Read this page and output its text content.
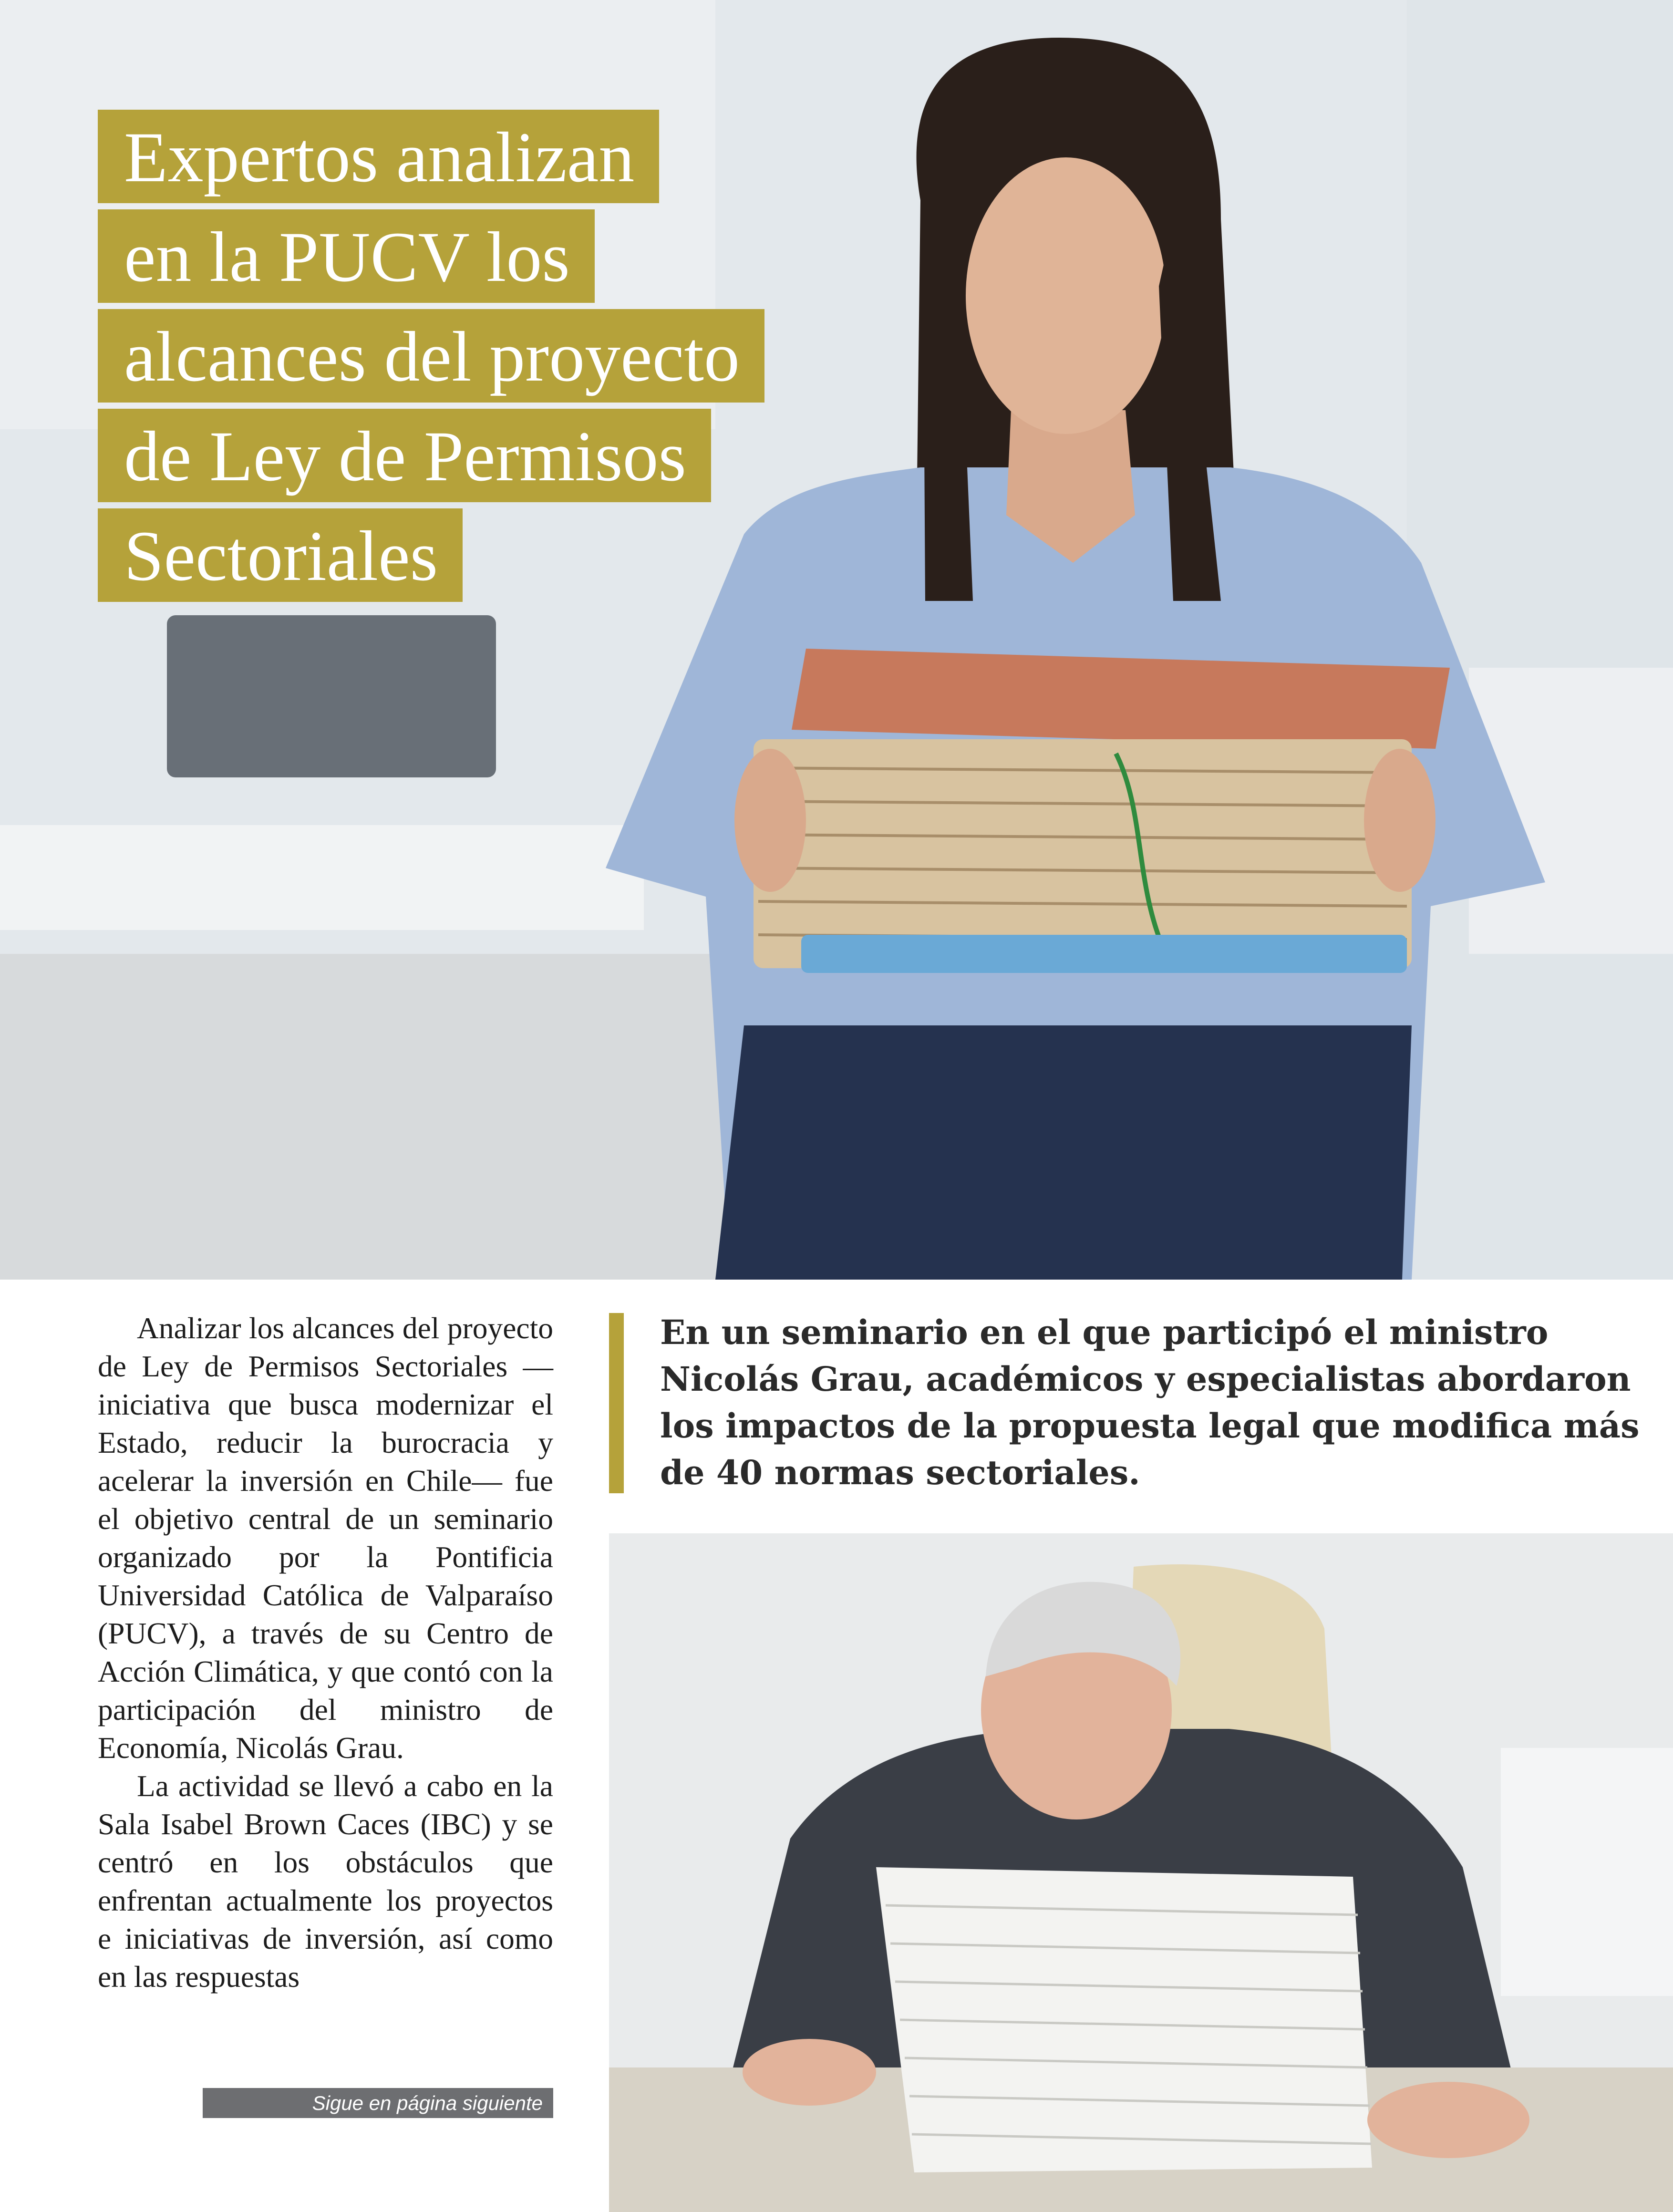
Expertos analizan
en la PUCV los
alcances del proyecto
de Ley de Permisos
Sectoriales

Analizar los alcances del proyecto de Ley de Permisos Sectoriales —iniciativa que busca modernizar el Estado, reducir la burocracia y acelerar la inversión en Chile— fue el objetivo central de un seminario organizado por la Pontificia Universidad Católica de Valparaíso (PUCV), a través de su Centro de Acción Climática, y que contó con la participación del ministro de Economía, Nicolás Grau.

La actividad se llevó a cabo en la Sala Isabel Brown Caces (IBC) y se centró en los obstáculos que enfrentan actualmente los proyectos e iniciativas de inversión, así como en las respuestas

Sigue en página siguiente
En un seminario en el que participó el ministro Nicolás Grau, académicos y especialistas abordaron los impactos de la propuesta legal que modifica más de 40 normas sectoriales.
